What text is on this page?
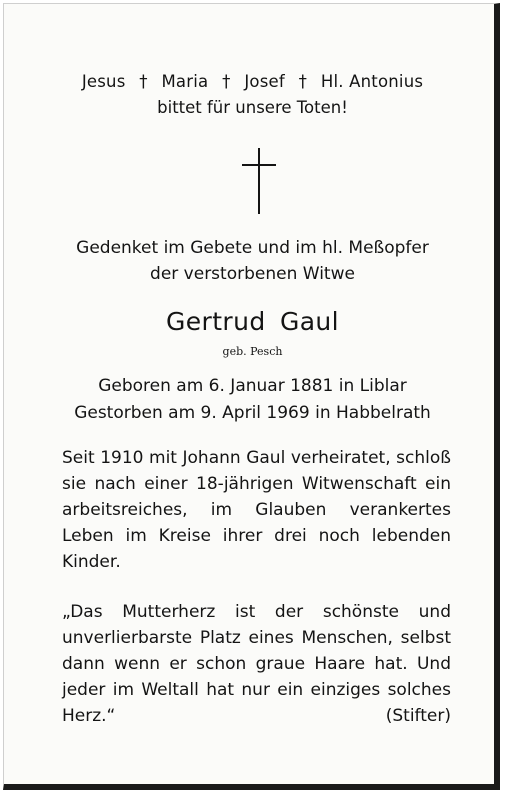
Jesus † Maria † Josef † Hl. Antonius
bittet für unsere Toten!
Gedenket im Gebete und im hl. Meßopfer
der verstorbenen Witwe
Gertrud Gaul
geb. Pesch
Geboren am 6. Januar 1881 in Liblar
Gestorben am 9. April 1969 in Habbelrath
Seit 1910 mit Johann Gaul verheiratet, schloß sie nach einer 18-jährigen Witwenschaft ein arbeitsreiches, im Glauben verankertes Leben im Kreise ihrer drei noch lebenden Kinder.
„Das Mutterherz ist der schönste und unverlierbarste Platz eines Menschen, selbst dann wenn er schon graue Haare hat. Und jeder im Weltall hat nur ein einziges solches Herz.“	(Stifter)
